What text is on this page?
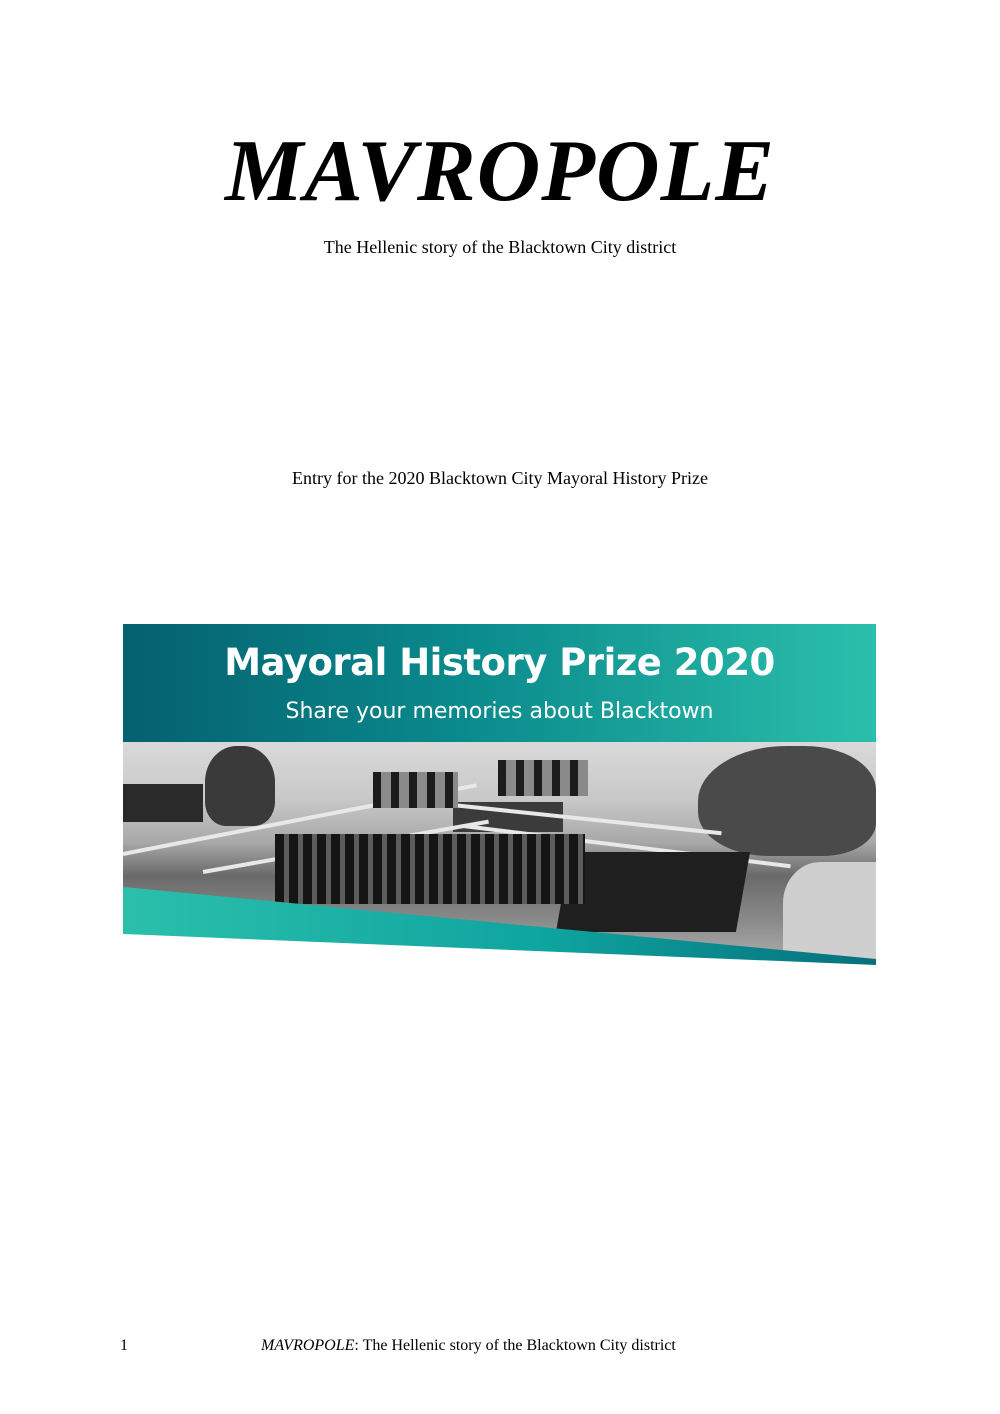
MAVROPOLE
The Hellenic story of the Blacktown City district
Entry for the 2020 Blacktown City Mayoral History Prize
Mayoral History Prize 2020
Share your memories about Blacktown
1	MAVROPOLE: The Hellenic story of the Blacktown City district
